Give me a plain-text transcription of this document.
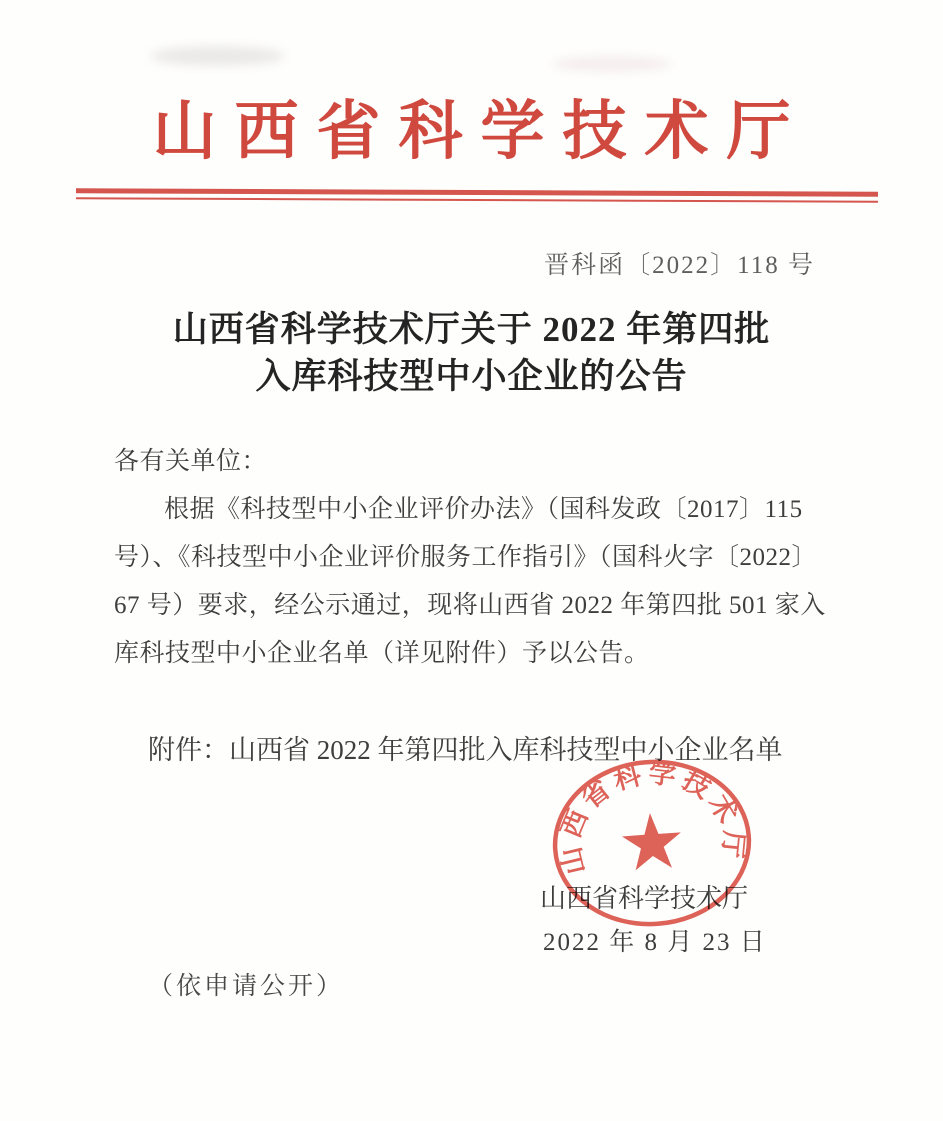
山西省科学技术厅
晋科函〔2022〕118 号
山西省科学技术厅关于 2022 年第四批
入库科技型中小企业的公告
各有关单位：
根据《科技型中小企业评价办法》（国科发政〔2017〕115
号）、《科技型中小企业评价服务工作指引》（国科火字〔2022〕
67 号）要求，经公示通过，现将山西省 2022 年第四批 501 家入
库科技型中小企业名单（详见附件）予以公告。
附件：山西省 2022 年第四批入库科技型中小企业名单
山西省科学技术厅
2022 年 8 月 23 日
山西省科学技术厅
（依申请公开）
